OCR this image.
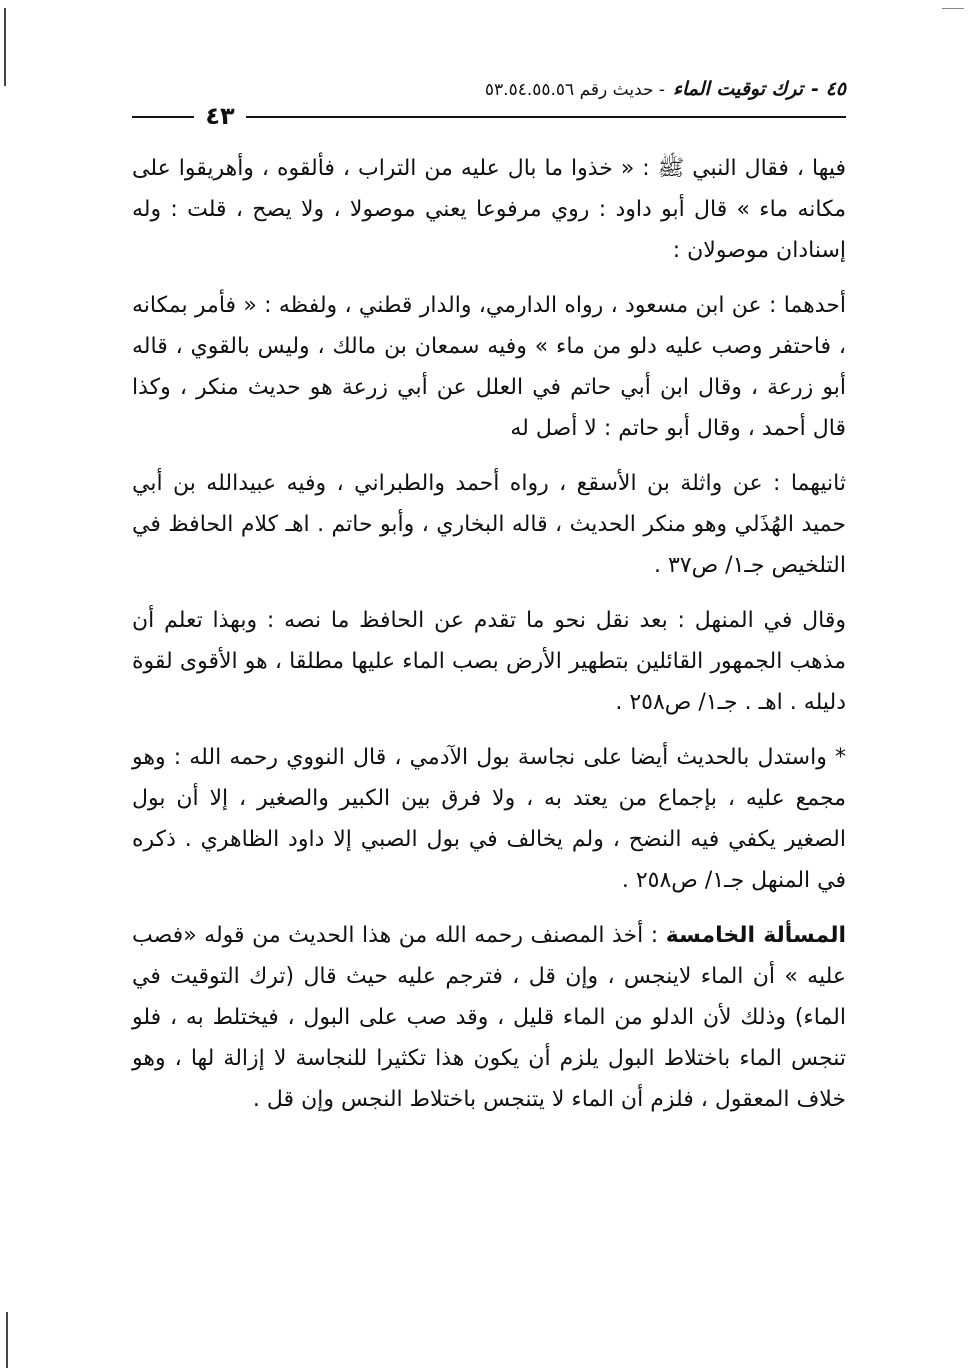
٤٥ -
ترك توقيت الماء
- حديث رقم ٥٣.٥٤.٥٥.٥٦
٤٣

فيها ، فقال النبي ﷺ : « خذوا ما بال عليه من التراب ، فألقوه ، وأهريقوا على مكانه ماء » قال أبو داود : روي مرفوعا يعني موصولا ، ولا يصح ، قلت : وله إسنادان موصولان :

أحدهما : عن ابن مسعود ، رواه الدارمي، والدار قطني ، ولفظه : « فأمر بمكانه ، فاحتفر وصب عليه دلو من ماء » وفيه سمعان بن مالك ، وليس بالقوي ، قاله أبو زرعة ، وقال ابن أبي حاتم في العلل عن أبي زرعة هو حديث منكر ، وكذا قال أحمد ، وقال أبو حاتم : لا أصل له

ثانيهما : عن واثلة بن الأسقع ، رواه أحمد والطبراني ، وفيه عبيدالله بن أبي حميد الهُذَلي وهو منكر الحديث ، قاله البخاري ، وأبو حاتم . اهـ كلام الحافظ في التلخيص جـ١/ ص٣٧ .

وقال في المنهل : بعد نقل نحو ما تقدم عن الحافظ ما نصه : وبهذا تعلم أن مذهب الجمهور القائلين بتطهير الأرض بصب الماء عليها مطلقا ، هو الأقوى لقوة دليله . اهـ . جـ١/ ص٢٥٨ .

* واستدل بالحديث أيضا على نجاسة بول الآدمي ، قال النووي رحمه الله : وهو مجمع عليه ، بإجماع من يعتد به ، ولا فرق بين الكبير والصغير ، إلا أن بول الصغير يكفي فيه النضح ، ولم يخالف في بول الصبي إلا داود الظاهري . ذكره في المنهل جـ١/ ص٢٥٨ .

المسألة الخامسة : أخذ المصنف رحمه الله من هذا الحديث من قوله «فصب عليه » أن الماء لاينجس ، وإن قل ، فترجم عليه حيث قال (ترك التوقيت في الماء) وذلك لأن الدلو من الماء قليل ، وقد صب على البول ، فيختلط به ، فلو تنجس الماء باختلاط البول يلزم أن يكون هذا تكثيرا للنجاسة لا إزالة لها ، وهو خلاف المعقول ، فلزم أن الماء لا يتنجس باختلاط النجس وإن قل .
